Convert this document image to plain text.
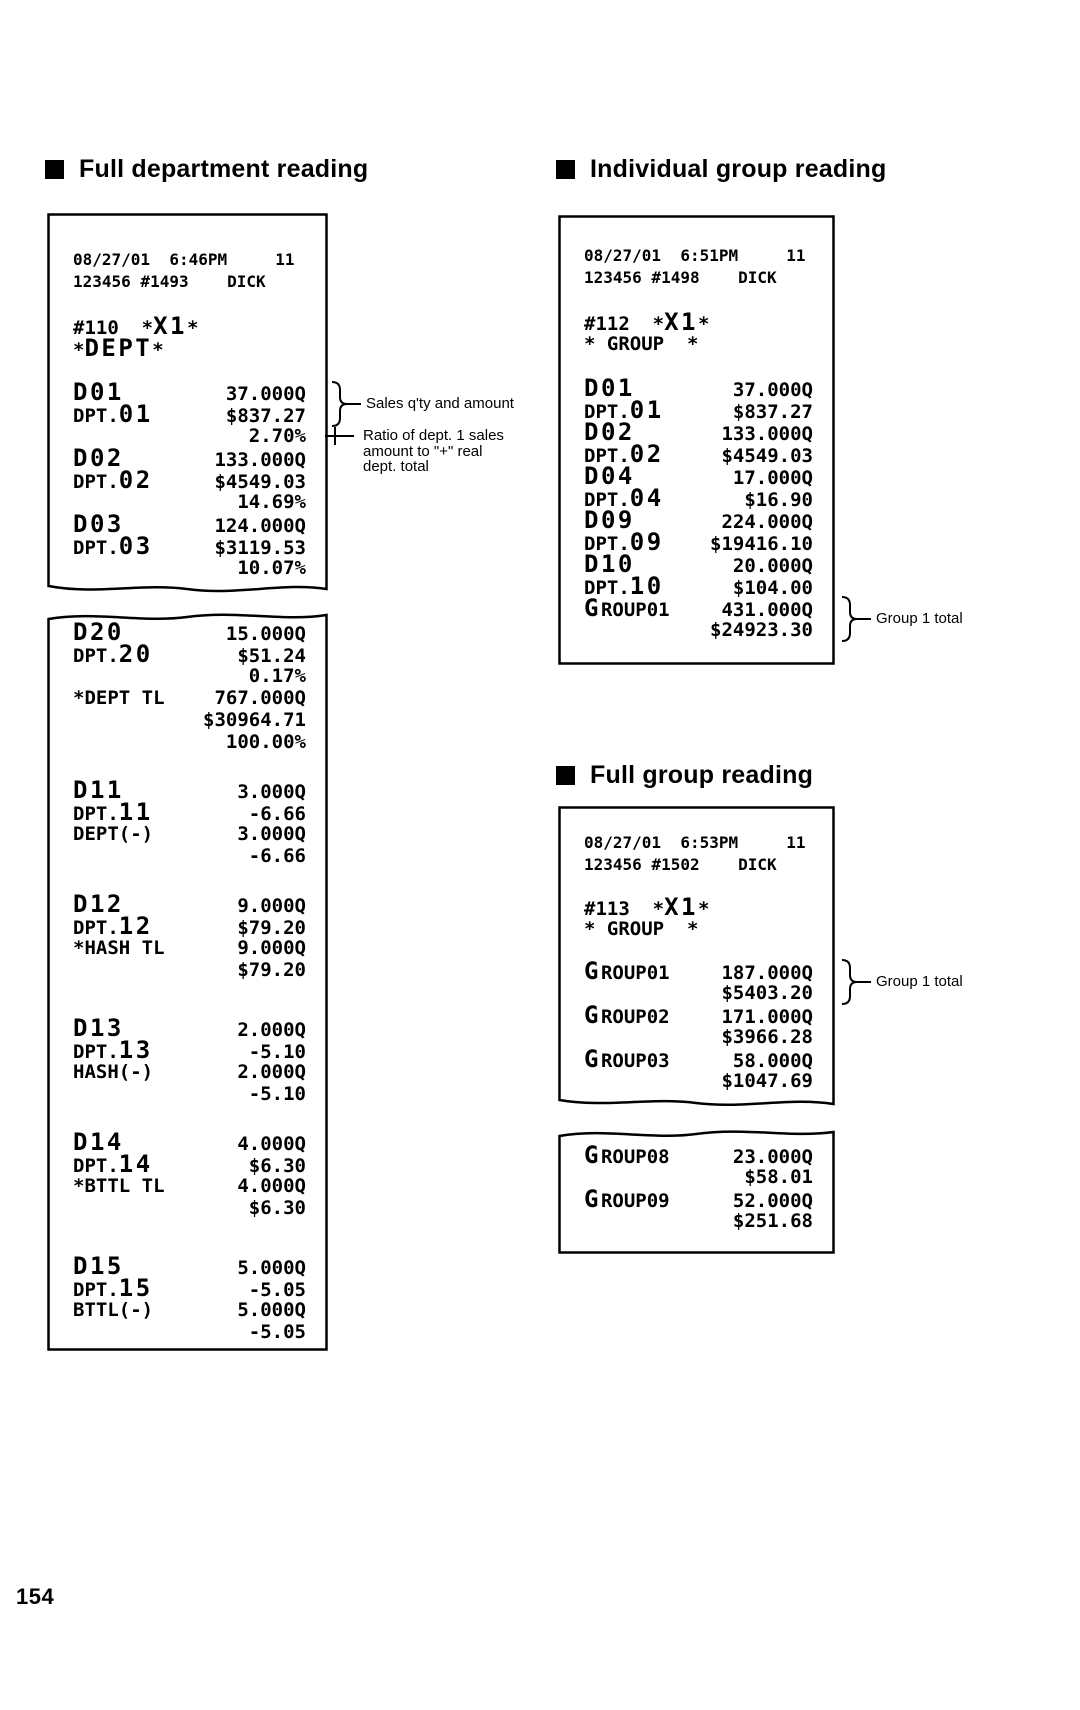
Full department reading	Individual group reading
Full group reading
08/27/01  6:46PM     11
123456 #1493    DICK
#110  *X1*
*DEPT*
D01	37.000Q
DPT.01	$837.27
2.70%
D02	133.000Q
DPT.02	$4549.03
14.69%
D03	124.000Q
DPT.03	$3119.53
10.07%
D20	15.000Q
DPT.20	$51.24
0.17%
*DEPT TL	767.000Q
$30964.71
100.00%
D11	3.000Q
DPT.11	-6.66
DEPT(-)	3.000Q
-6.66
D12	9.000Q
DPT.12	$79.20
*HASH TL	9.000Q
$79.20
D13	2.000Q
DPT.13	-5.10
HASH(-)	2.000Q
-5.10
D14	4.000Q
DPT.14	$6.30
*BTTL TL	4.000Q
$6.30
D15	5.000Q
DPT.15	-5.05
BTTL(-)	5.000Q
-5.05
08/27/01  6:51PM     11
123456 #1498    DICK
#112  *X1*
* GROUP  *
D01	37.000Q
DPT.01	$837.27
D02	133.000Q
DPT.02	$4549.03
D04	17.000Q
DPT.04	$16.90
D09	224.000Q
DPT.09 $19416.10
D10	20.000Q
DPT.10	$104.00
GROUP01	431.000Q
$24923.30
08/27/01  6:53PM     11
123456 #1502    DICK
#113  *X1*
* GROUP  *
GROUP01	187.000Q
$5403.20
GROUP02	171.000Q
$3966.28
GROUP03	58.000Q
$1047.69
GROUP08	23.000Q
$58.01
GROUP09	52.000Q
$251.68
Sales q'ty and amount
Ratio of dept. 1 sales
amount to "+" real
dept. total
Group 1 total
Group 1 total
154
